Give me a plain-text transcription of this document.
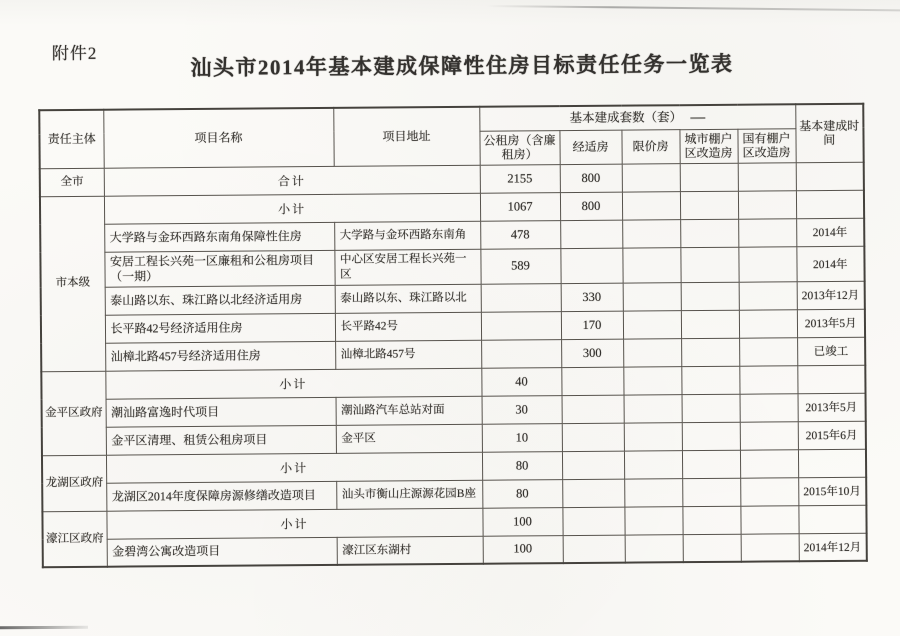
附件2	汕头市2014年基本建成保障性住房目标责任任务一览表
责任主体	项目名称	项目地址	基本建成套数（套）					基本建成时间
			公租房（含廉租房）	经适房	限价房	城市棚户区改造房	国有棚户区改造房	
全市	合计		2155	800				
市本级	小计		1067	800				
	大学路与金环西路东南角保障性住房	大学路与金环西路东南角	478					2014年
	安居工程长兴苑一区廉租和公租房项目（一期）	中心区安居工程长兴苑一区	589					2014年
	泰山路以东、珠江路以北经济适用房	泰山路以东、珠江路以北		330				2013年12月
	长平路42号经济适用住房	长平路42号		170				2013年5月
	汕樟北路457号经济适用住房	汕樟北路457号		300				已竣工
金平区政府	小计		40					
	潮汕路富逸时代项目	潮汕路汽车总站对面	30					2013年5月
	金平区清理、租赁公租房项目	金平区	10					2015年6月
龙湖区政府	小计		80					
	龙湖区2014年度保障房源修缮改造项目	汕头市衡山庄源源花园B座	80					2015年10月
濠江区政府	小计		100					
	金碧湾公寓改造项目	濠江区东湖村	100					2014年12月
